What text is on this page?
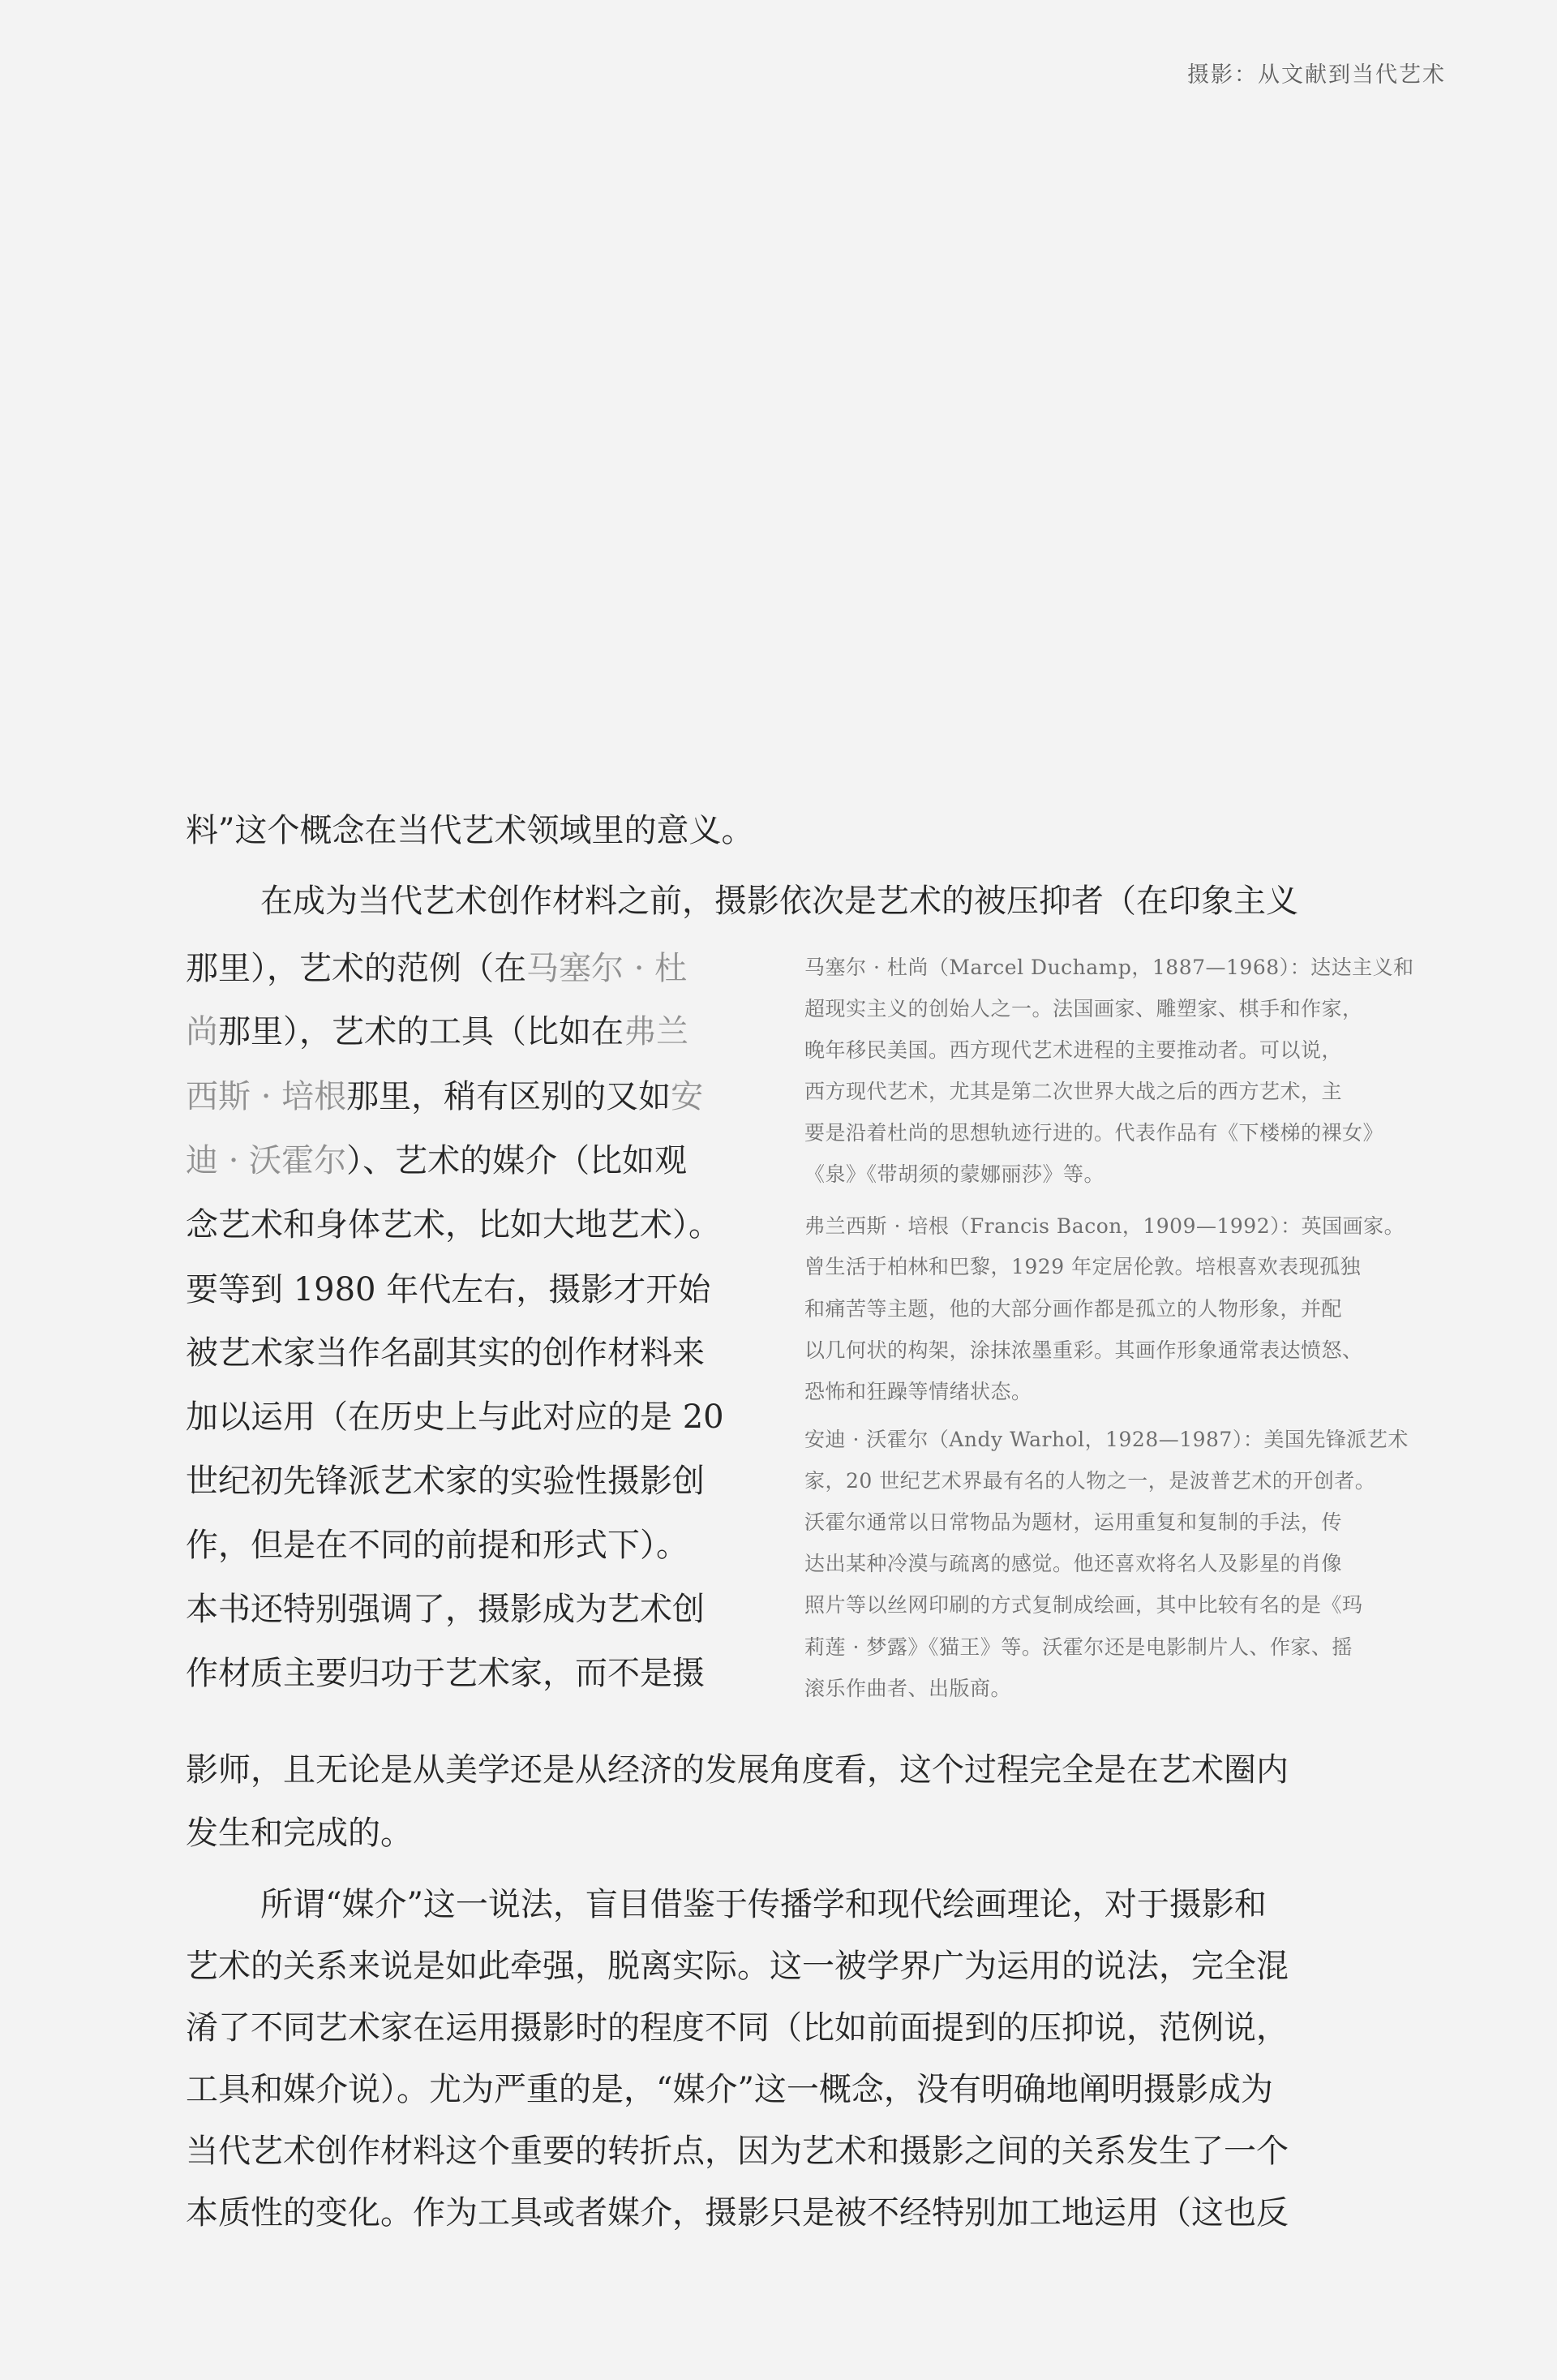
摄影：从文献到当代艺术
料”这个概念在当代艺术领域里的意义。
在成为当代艺术创作材料之前，摄影依次是艺术的被压抑者（在印象主义
那里），艺术的范例（在马塞尔 · 杜
尚那里），艺术的工具（比如在弗兰
西斯 · 培根那里，稍有区别的又如安
迪 · 沃霍尔）、艺术的媒介（比如观
念艺术和身体艺术，比如大地艺术）。
要等到 1980 年代左右，摄影才开始
被艺术家当作名副其实的创作材料来
加以运用（在历史上与此对应的是 20
世纪初先锋派艺术家的实验性摄影创
作，但是在不同的前提和形式下）。
本书还特别强调了，摄影成为艺术创
作材质主要归功于艺术家，而不是摄
影师，且无论是从美学还是从经济的发展角度看，这个过程完全是在艺术圈内
发生和完成的。
所谓“媒介”这一说法，盲目借鉴于传播学和现代绘画理论，对于摄影和
艺术的关系来说是如此牵强，脱离实际。这一被学界广为运用的说法，完全混
淆了不同艺术家在运用摄影时的程度不同（比如前面提到的压抑说，范例说，
工具和媒介说）。尤为严重的是，“媒介”这一概念，没有明确地阐明摄影成为
当代艺术创作材料这个重要的转折点，因为艺术和摄影之间的关系发生了一个
本质性的变化。作为工具或者媒介，摄影只是被不经特别加工地运用（这也反
马塞尔 · 杜尚（Marcel Duchamp，1887—1968）：达达主义和
超现实主义的创始人之一。法国画家、雕塑家、棋手和作家，
晚年移民美国。西方现代艺术进程的主要推动者。可以说，
西方现代艺术，尤其是第二次世界大战之后的西方艺术，主
要是沿着杜尚的思想轨迹行进的。代表作品有《下楼梯的裸女》
《泉》《带胡须的蒙娜丽莎》等。
弗兰西斯 · 培根（Francis Bacon，1909—1992）：英国画家。
曾生活于柏林和巴黎，1929 年定居伦敦。培根喜欢表现孤独
和痛苦等主题，他的大部分画作都是孤立的人物形象，并配
以几何状的构架，涂抹浓墨重彩。其画作形象通常表达愤怒、
恐怖和狂躁等情绪状态。
安迪 · 沃霍尔（Andy Warhol，1928—1987）：美国先锋派艺术
家，20 世纪艺术界最有名的人物之一，是波普艺术的开创者。
沃霍尔通常以日常物品为题材，运用重复和复制的手法，传
达出某种冷漠与疏离的感觉。他还喜欢将名人及影星的肖像
照片等以丝网印刷的方式复制成绘画，其中比较有名的是《玛
莉莲 · 梦露》《猫王》等。沃霍尔还是电影制片人、作家、摇
滚乐作曲者、出版商。
